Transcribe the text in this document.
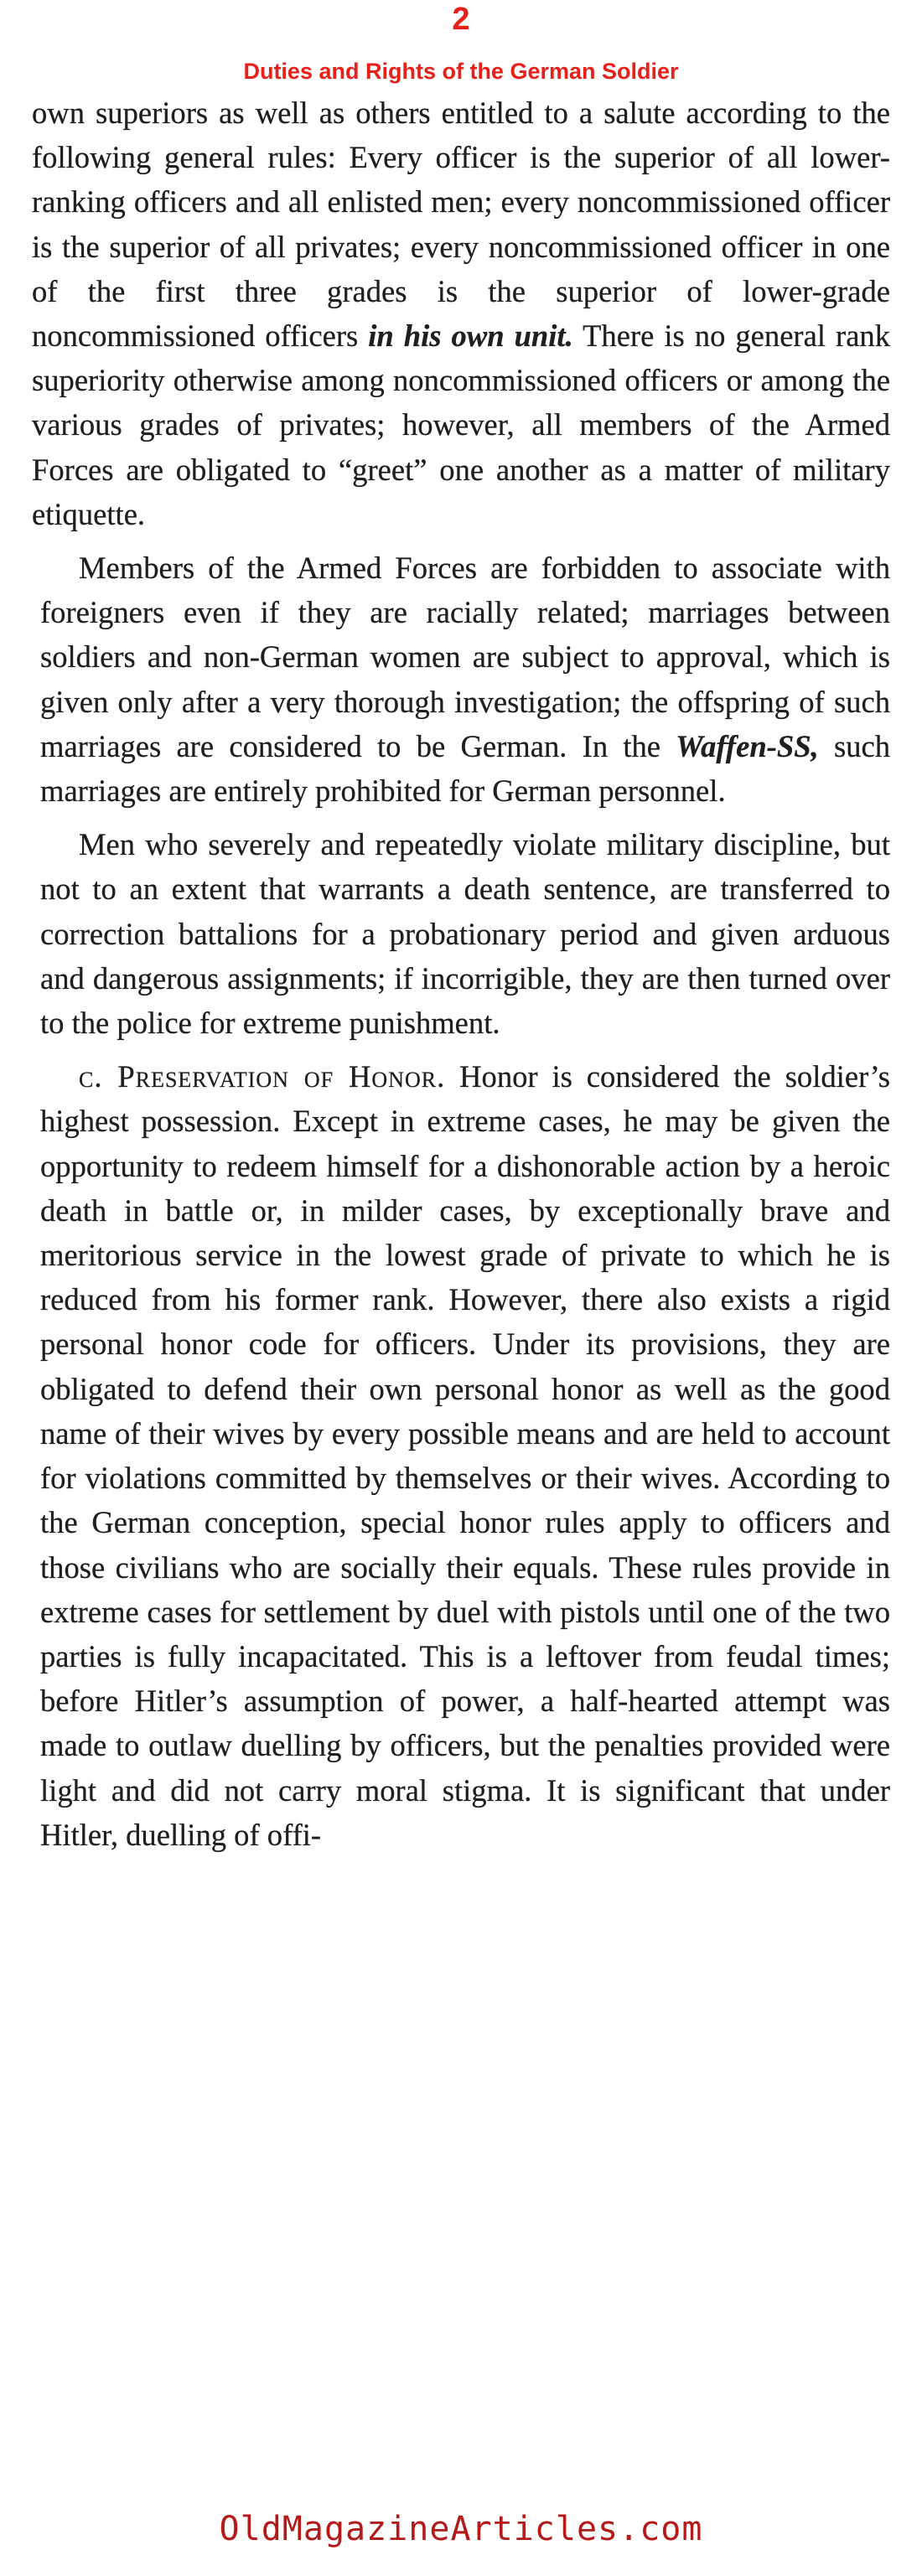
2
Duties and Rights of the German Soldier

own superiors as well as others entitled to a salute according to the following general rules: Every officer is the superior of all lower-ranking officers and all enlisted men; every noncommissioned officer is the superior of all privates; every noncommissioned officer in one of the first three grades is the superior of lower-grade noncommissioned officers in his own unit. There is no general rank superiority otherwise among noncommissioned officers or among the various grades of privates; however, all members of the Armed Forces are obligated to “greet” one another as a matter of military etiquette.

Members of the Armed Forces are forbidden to associate with foreigners even if they are racially related; marriages between soldiers and non-German women are subject to approval, which is given only after a very thorough investigation; the offspring of such marriages are considered to be German. In the Waffen-SS, such marriages are entirely prohibited for German personnel.

Men who severely and repeatedly violate military discipline, but not to an extent that warrants a death sentence, are transferred to correction battalions for a probationary period and given arduous and dangerous assignments; if incorrigible, they are then turned over to the police for extreme punishment.

c. Preservation of Honor. Honor is considered the soldier’s highest possession. Except in extreme cases, he may be given the opportunity to redeem himself for a dishonorable action by a heroic death in battle or, in milder cases, by exceptionally brave and meritorious service in the lowest grade of private to which he is reduced from his former rank. However, there also exists a rigid personal honor code for officers. Under its provisions, they are obligated to defend their own personal honor as well as the good name of their wives by every possible means and are held to account for violations committed by themselves or their wives. According to the German conception, special honor rules apply to officers and those civilians who are socially their equals. These rules provide in extreme cases for settlement by duel with pistols until one of the two parties is fully incapacitated. This is a leftover from feudal times; before Hitler’s assumption of power, a half-hearted attempt was made to outlaw duelling by officers, but the penalties provided were light and did not carry moral stigma. It is significant that under Hitler, duelling of offi-

OldMagazineArticles.com
